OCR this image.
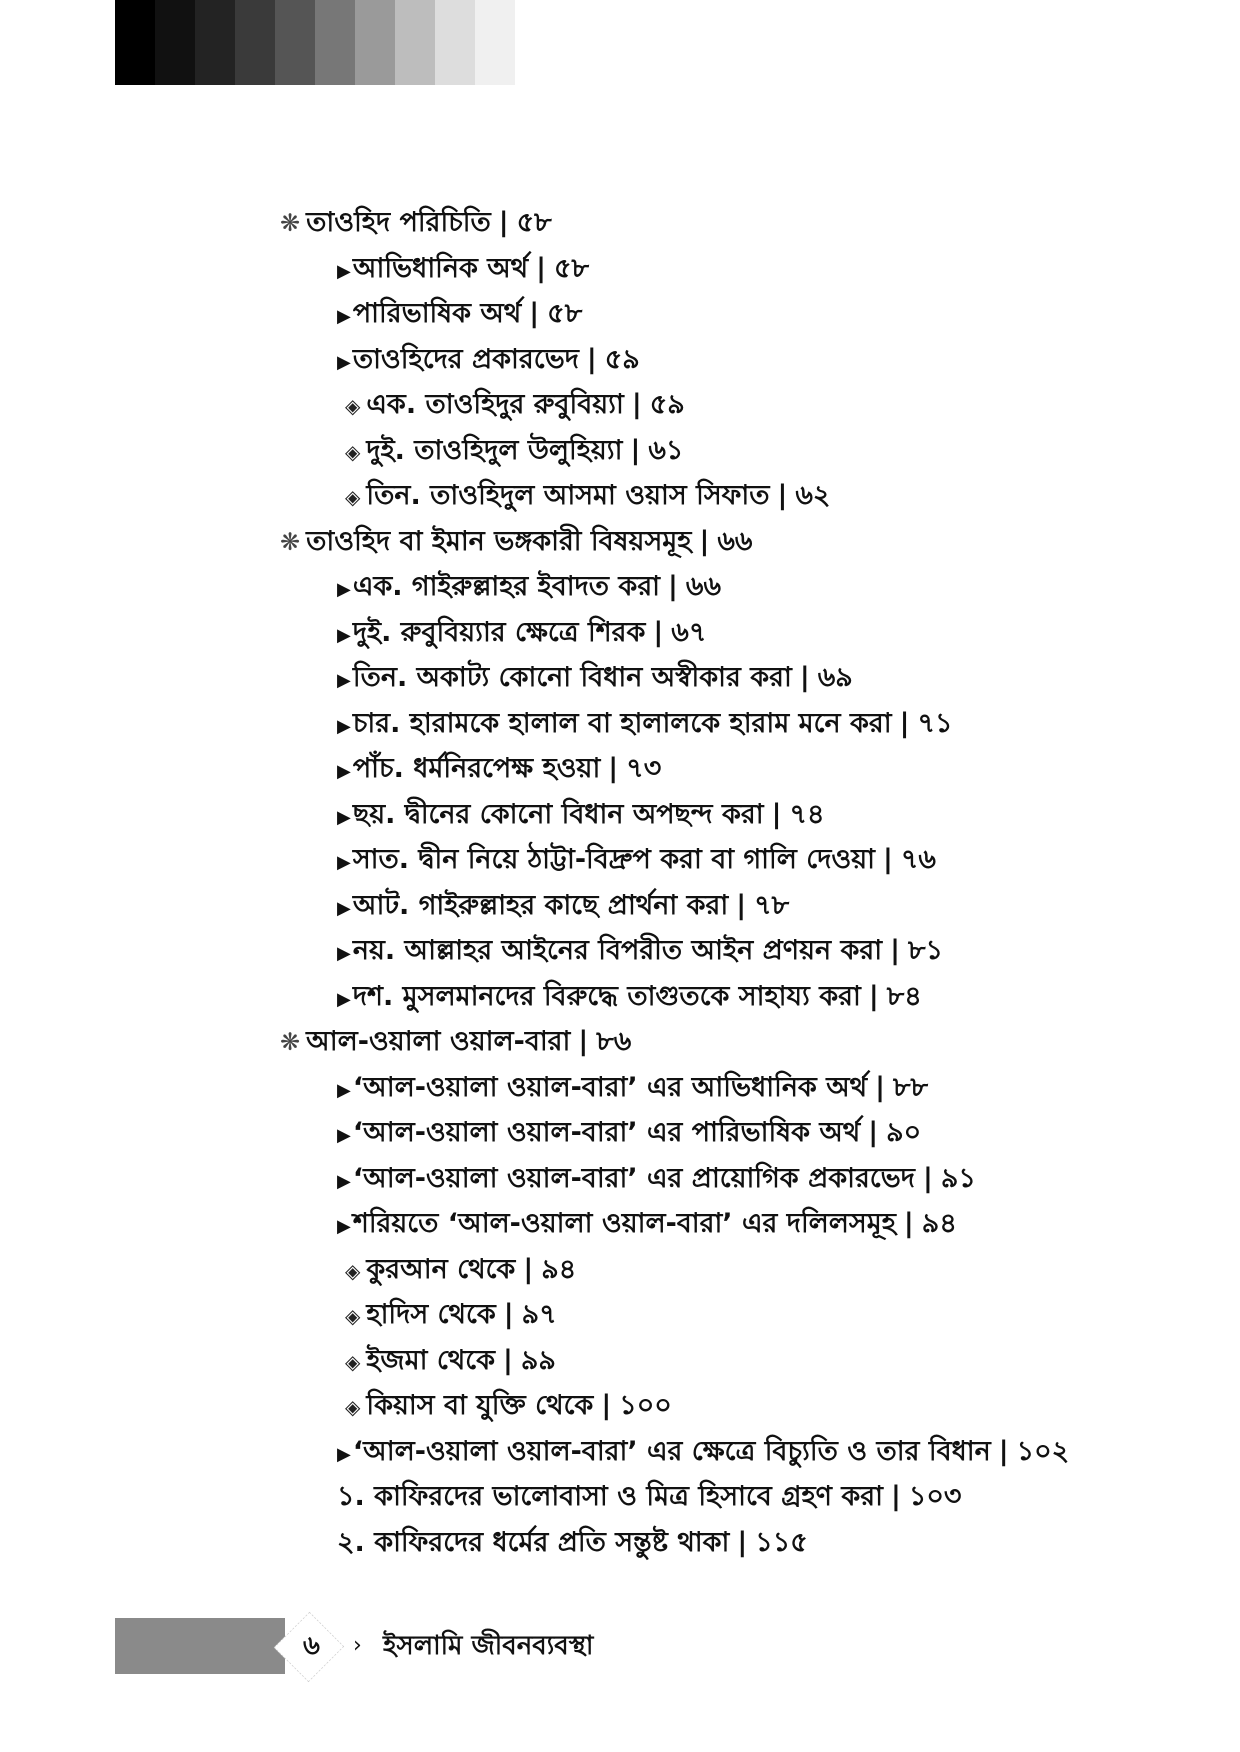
❋ তাওহিদ পরিচিতি | ৫৮
▶আভিধানিক অর্থ | ৫৮
▶পারিভাষিক অর্থ | ৫৮
▶তাওহিদের প্রকারভেদ | ৫৯
◈ এক. তাওহিদুর রুবুবিয়্যা | ৫৯
◈ দুই. তাওহিদুল উলুহিয়্যা | ৬১
◈ তিন. তাওহিদুল আসমা ওয়াস সিফাত | ৬২
❋ তাওহিদ বা ইমান ভঙ্গকারী বিষয়সমূহ | ৬৬
▶এক. গাইরুল্লাহর ইবাদত করা | ৬৬
▶দুই. রুবুবিয়্যার ক্ষেত্রে শিরক | ৬৭
▶তিন. অকাট্য কোনো বিধান অস্বীকার করা | ৬৯
▶চার. হারামকে হালাল বা হালালকে হারাম মনে করা | ৭১
▶পাঁচ. ধর্মনিরপেক্ষ হওয়া | ৭৩
▶ছয়. দ্বীনের কোনো বিধান অপছন্দ করা | ৭৪
▶সাত. দ্বীন নিয়ে ঠাট্টা-বিদ্রুপ করা বা গালি দেওয়া | ৭৬
▶আট. গাইরুল্লাহর কাছে প্রার্থনা করা | ৭৮
▶নয়. আল্লাহর আইনের বিপরীত আইন প্রণয়ন করা | ৮১
▶দশ. মুসলমানদের বিরুদ্ধে তাগুতকে সাহায্য করা | ৮৪
❋ আল-ওয়ালা ওয়াল-বারা | ৮৬
▶‘আল-ওয়ালা ওয়াল-বারা’ এর আভিধানিক অর্থ | ৮৮
▶‘আল-ওয়ালা ওয়াল-বারা’ এর পারিভাষিক অর্থ | ৯০
▶‘আল-ওয়ালা ওয়াল-বারা’ এর প্রায়োগিক প্রকারভেদ | ৯১
▶শরিয়তে ‘আল-ওয়ালা ওয়াল-বারা’ এর দলিলসমূহ | ৯৪
◈ কুরআন থেকে | ৯৪
◈ হাদিস থেকে | ৯৭
◈ ইজমা থেকে | ৯৯
◈ কিয়াস বা যুক্তি থেকে | ১০০
▶‘আল-ওয়ালা ওয়াল-বারা’ এর ক্ষেত্রে বিচ্যুতি ও তার বিধান | ১০২
১. কাফিরদের ভালোবাসা ও মিত্র হিসাবে গ্রহণ করা | ১০৩
২. কাফিরদের ধর্মের প্রতি সন্তুষ্ট থাকা | ১১৫
৬ › ইসলামি জীবনব্যবস্থা
